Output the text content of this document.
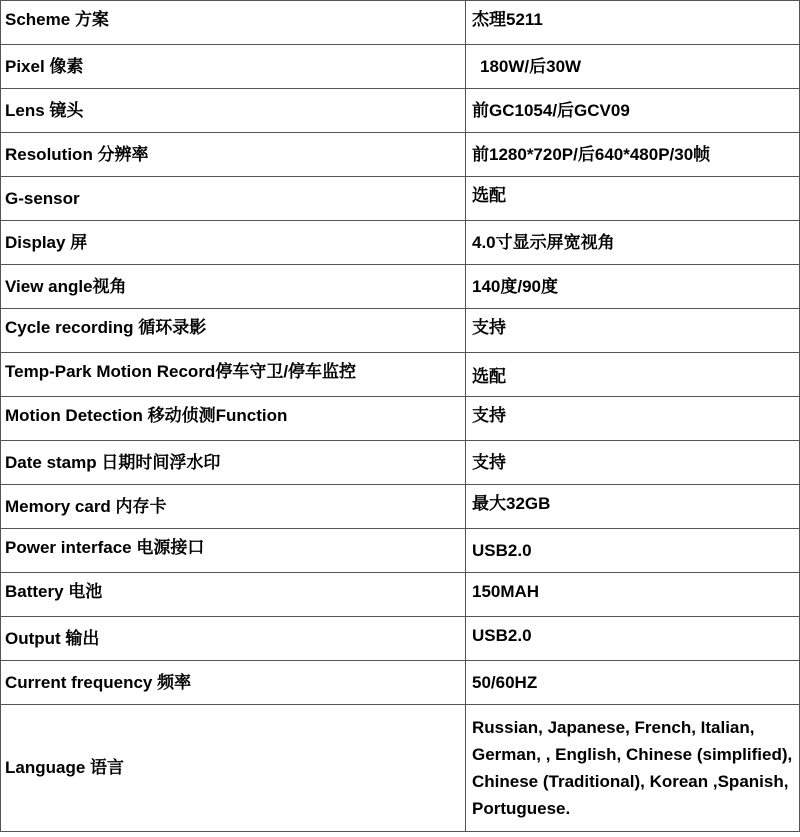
Scheme 方案	杰理5211
Pixel 像素	180W/后30W
Lens 镜头	前GC1054/后GCV09
Resolution 分辨率	前1280*720P/后640*480P/30帧
G-sensor	选配
Display 屏	4.0寸显示屏宽视角
View angle视角	140度/90度
Cycle recording 循环录影	支持
Temp-Park Motion Record停车守卫/停车监控	选配
Motion Detection 移动侦测Function	支持
Date stamp 日期时间浮水印	支持
Memory card 内存卡	最大32GB
Power interface 电源接口	USB2.0
Battery 电池	150MAH
Output 输出	USB2.0
Current frequency 频率	50/60HZ
Language 语言	Russian, Japanese, French, Italian, German, , English, Chinese (simplified), Chinese (Traditional), Korean ,Spanish, Portuguese.
